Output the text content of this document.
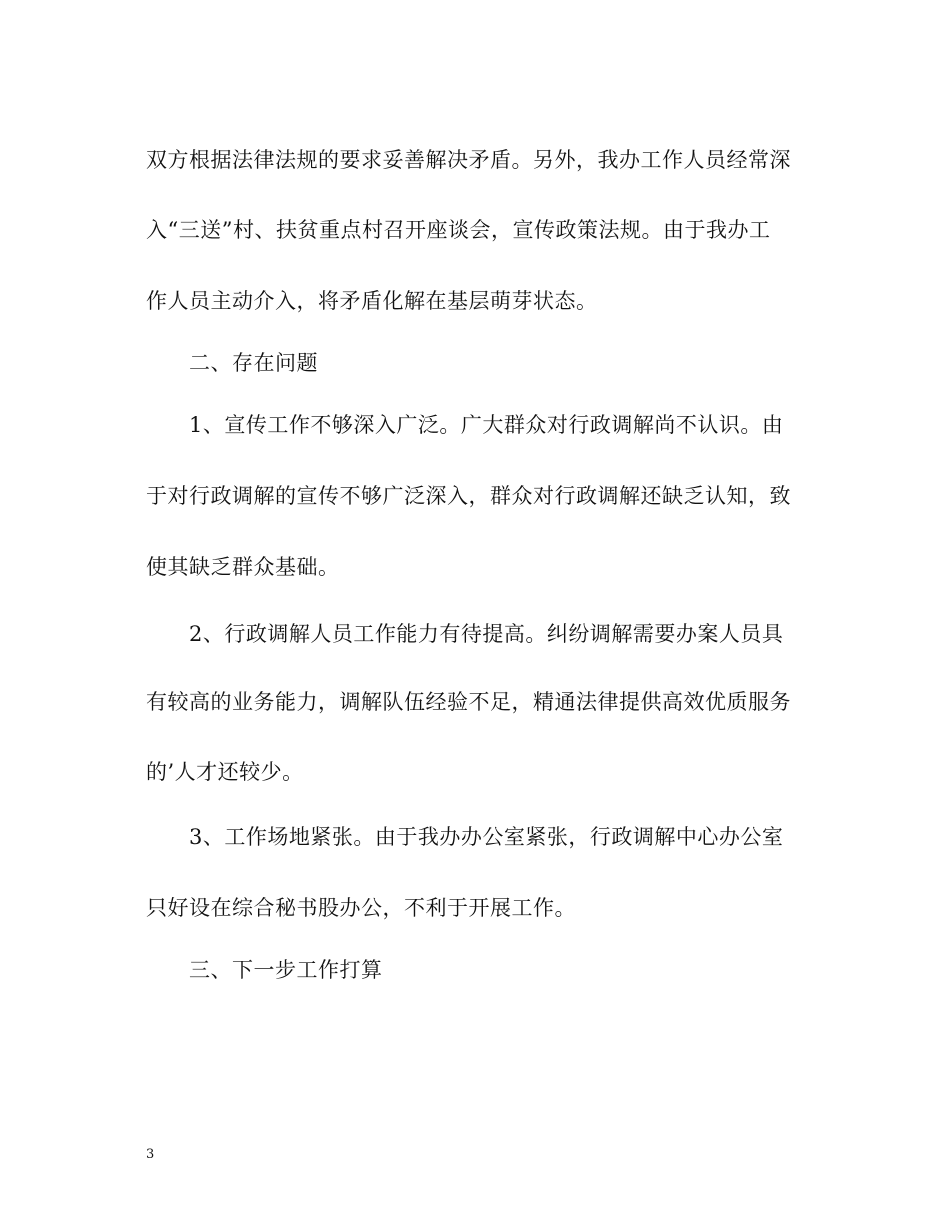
双方根据法律法规的要求妥善解决矛盾。另外，我办工作人员经常深

入“三送”村、扶贫重点村召开座谈会，宣传政策法规。由于我办工

作人员主动介入，将矛盾化解在基层萌芽状态。

二、存在问题

1、宣传工作不够深入广泛。广大群众对行政调解尚不认识。由

于对行政调解的宣传不够广泛深入，群众对行政调解还缺乏认知，致

使其缺乏群众基础。

2、行政调解人员工作能力有待提高。纠纷调解需要办案人员具

有较高的业务能力，调解队伍经验不足，精通法律提供高效优质服务

的’人才还较少。

3、工作场地紧张。由于我办办公室紧张，行政调解中心办公室

只好设在综合秘书股办公，不利于开展工作。

三、下一步工作打算

3
